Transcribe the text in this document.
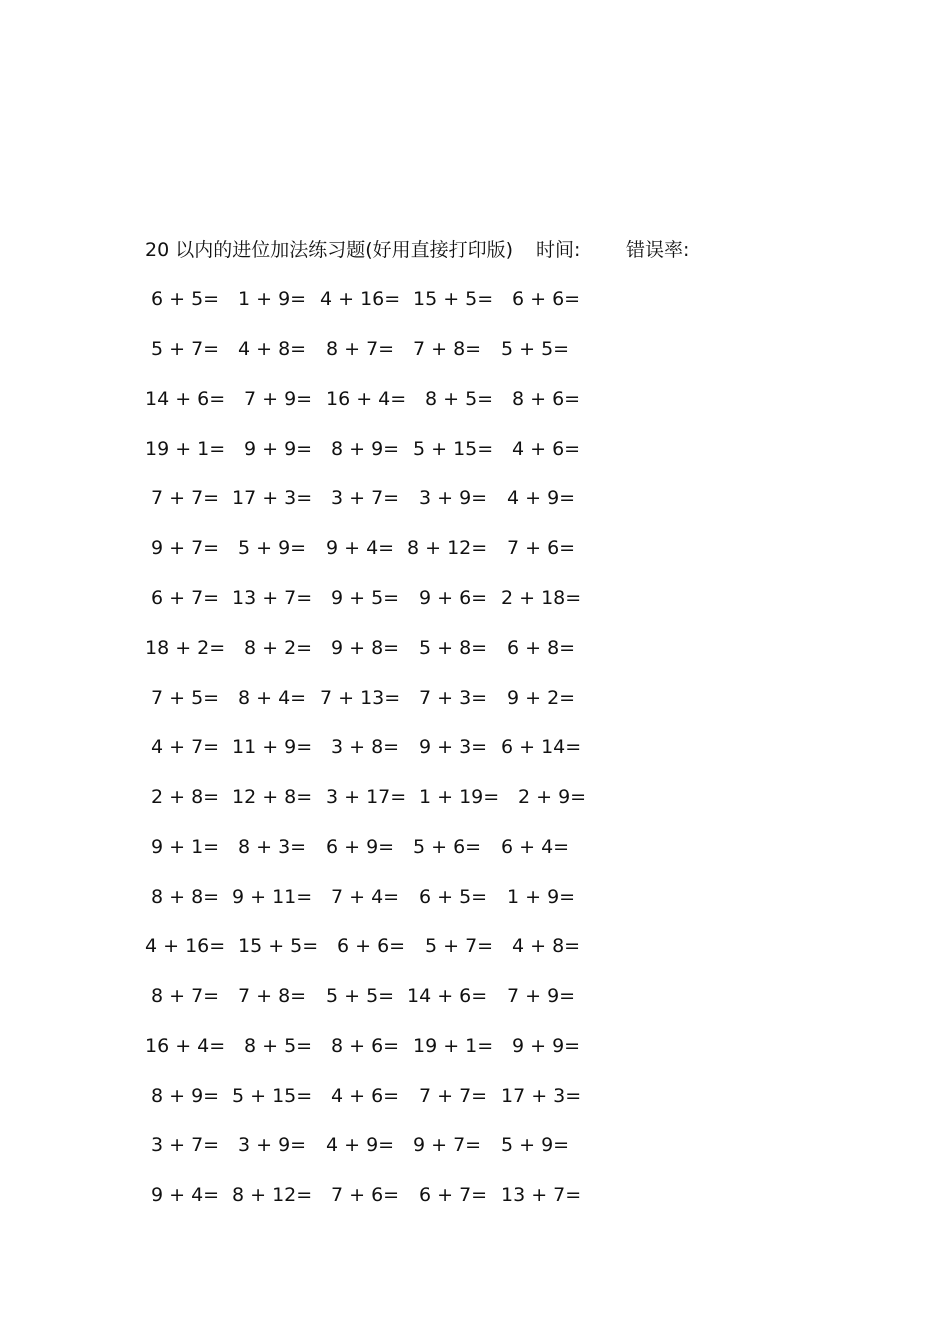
20 以内的进位加法练习题(好用直接打印版) 时间: 错误率:
6 + 5= 1 + 9= 4 + 16= 15 + 5= 6 + 6=
5 + 7= 4 + 8= 8 + 7= 7 + 8= 5 + 5=
14 + 6= 7 + 9= 16 + 4= 8 + 5= 8 + 6=
19 + 1= 9 + 9= 8 + 9= 5 + 15= 4 + 6=
7 + 7= 17 + 3= 3 + 7= 3 + 9= 4 + 9=
9 + 7= 5 + 9= 9 + 4= 8 + 12= 7 + 6=
6 + 7= 13 + 7= 9 + 5= 9 + 6= 2 + 18=
18 + 2= 8 + 2= 9 + 8= 5 + 8= 6 + 8=
7 + 5= 8 + 4= 7 + 13= 7 + 3= 9 + 2=
4 + 7= 11 + 9= 3 + 8= 9 + 3= 6 + 14=
2 + 8= 12 + 8= 3 + 17= 1 + 19= 2 + 9=
9 + 1= 8 + 3= 6 + 9= 5 + 6= 6 + 4=
8 + 8= 9 + 11= 7 + 4= 6 + 5= 1 + 9=
4 + 16= 15 + 5= 6 + 6= 5 + 7= 4 + 8=
8 + 7= 7 + 8= 5 + 5= 14 + 6= 7 + 9=
16 + 4= 8 + 5= 8 + 6= 19 + 1= 9 + 9=
8 + 9= 5 + 15= 4 + 6= 7 + 7= 17 + 3=
3 + 7= 3 + 9= 4 + 9= 9 + 7= 5 + 9=
9 + 4= 8 + 12= 7 + 6= 6 + 7= 13 + 7=
